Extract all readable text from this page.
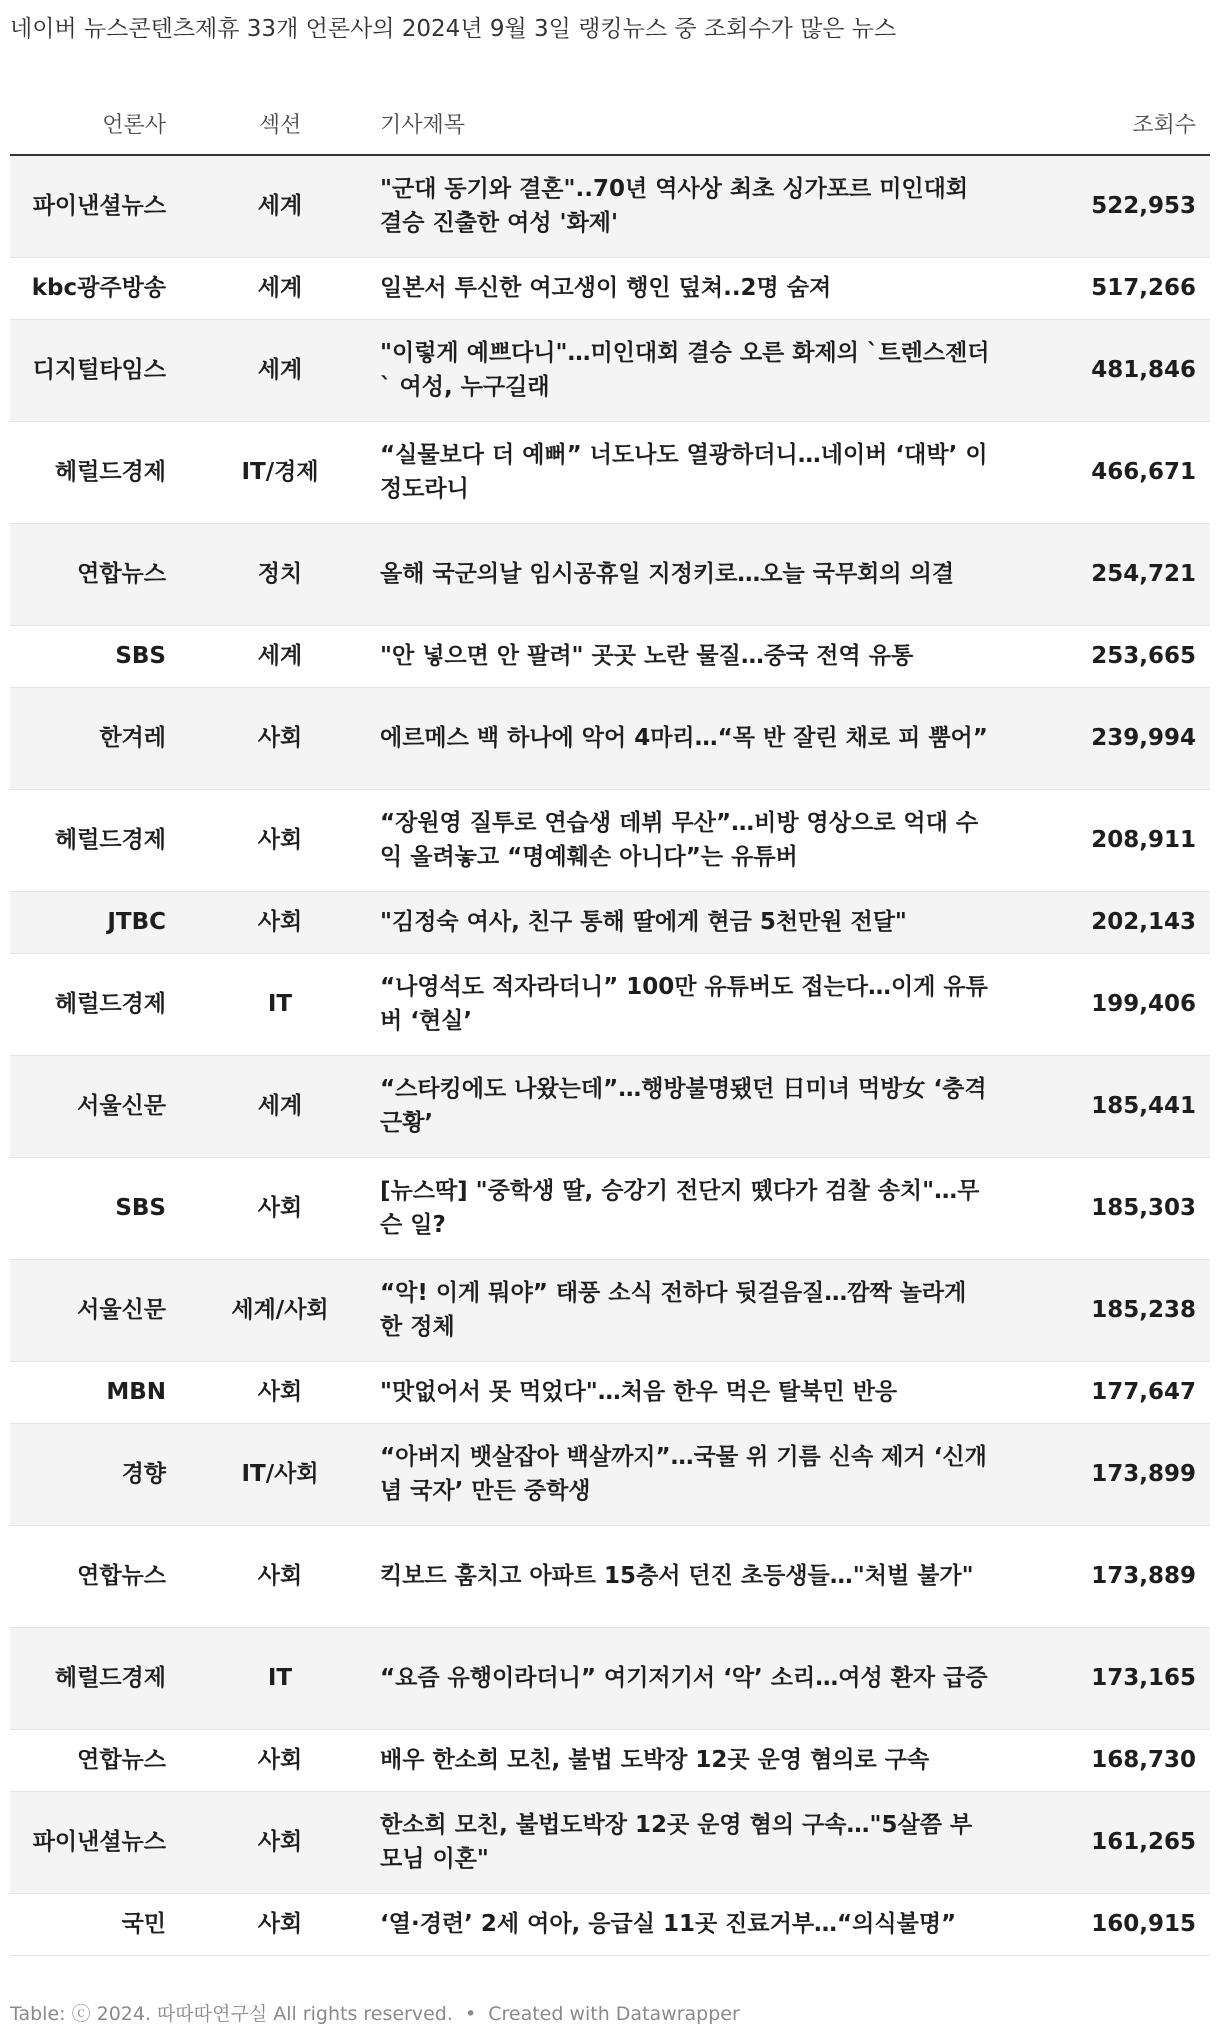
네이버 뉴스콘텐츠제휴 33개 언론사의 2024년 9월 3일 랭킹뉴스 중 조회수가 많은 뉴스
언론사	섹션	기사제목	조회수
파이낸셜뉴스	세계	"군대 동기와 결혼"..70년 역사상 최초 싱가포르 미인대회 결승 진출한 여성 '화제'	522,953
kbc광주방송	세계	일본서 투신한 여고생이 행인 덮쳐..2명 숨져	517,266
디지털타임스	세계	"이렇게 예쁘다니"…미인대회 결승 오른 화제의 `트렌스젠더` 여성, 누구길래	481,846
헤럴드경제	IT/경제	“실물보다 더 예뻐” 너도나도 열광하더니…네이버 ‘대박’ 이정도라니	466,671
연합뉴스	정치	올해 국군의날 임시공휴일 지정키로…오늘 국무회의 의결	254,721
SBS	세계	"안 넣으면 안 팔려" 곳곳 노란 물질…중국 전역 유통	253,665
한겨레	사회	에르메스 백 하나에 악어 4마리…“목 반 잘린 채로 피 뿜어”	239,994
헤럴드경제	사회	“장원영 질투로 연습생 데뷔 무산”…비방 영상으로 억대 수익 올려놓고 “명예훼손 아니다”는 유튜버	208,911
JTBC	사회	"김정숙 여사, 친구 통해 딸에게 현금 5천만원 전달"	202,143
헤럴드경제	IT	“나영석도 적자라더니” 100만 유튜버도 접는다…이게 유튜버 ‘현실’	199,406
서울신문	세계	“스타킹에도 나왔는데”…행방불명됐던 日미녀 먹방女 ‘충격근황’	185,441
SBS	사회	[뉴스딱] "중학생 딸, 승강기 전단지 뗐다가 검찰 송치"…무슨 일?	185,303
서울신문	세계/사회	“악! 이게 뭐야” 태풍 소식 전하다 뒷걸음질…깜짝 놀라게 한 정체	185,238
MBN	사회	"맛없어서 못 먹었다"…처음 한우 먹은 탈북민 반응	177,647
경향	IT/사회	“아버지 뱃살잡아 백살까지”…국물 위 기름 신속 제거 ‘신개념 국자’ 만든 중학생	173,899
연합뉴스	사회	킥보드 훔치고 아파트 15층서 던진 초등생들…"처벌 불가"	173,889
헤럴드경제	IT	“요즘 유행이라더니” 여기저기서 ‘악’ 소리…여성 환자 급증	173,165
연합뉴스	사회	배우 한소희 모친, 불법 도박장 12곳 운영 혐의로 구속	168,730
파이낸셜뉴스	사회	한소희 모친, 불법도박장 12곳 운영 혐의 구속…"5살쯤 부모님 이혼"	161,265
국민	사회	‘열·경련’ 2세 여아, 응급실 11곳 진료거부…“의식불명”	160,915
Table: ⓒ 2024. 따따따연구실 All rights reserved. • Created with Datawrapper
